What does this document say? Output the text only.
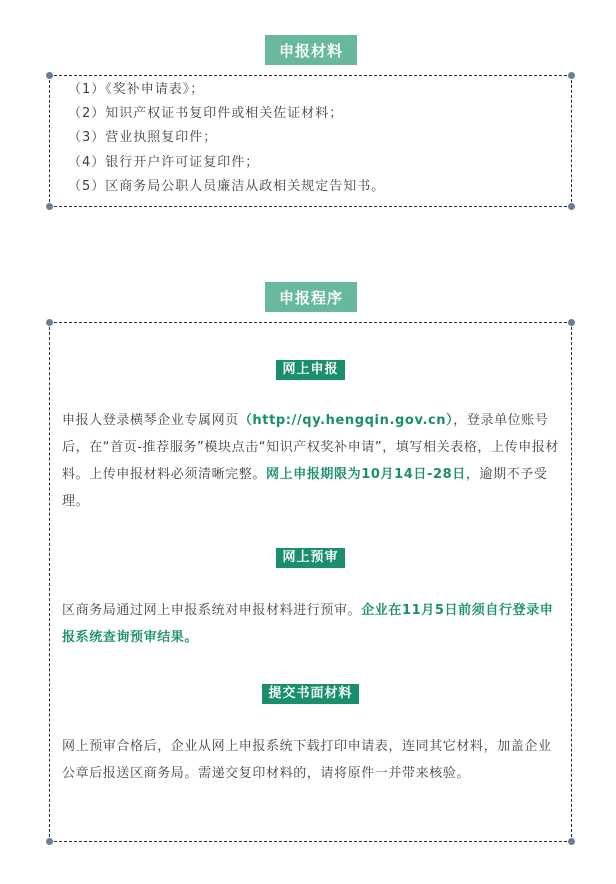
申报材料
（1）《奖补申请表》；
（2）知识产权证书复印件或相关佐证材料；
（3）营业执照复印件；
（4）银行开户许可证复印件；
（5）区商务局公职人员廉洁从政相关规定告知书。
申报程序
网上申报

申报人登录横琴企业专属网页（http://qy.hengqin.gov.cn），登录单位账号后，在“首页-推荐服务”模块点击“知识产权奖补申请”，填写相关表格，上传申报材料。上传申报材料必须清晰完整。网上申报期限为10月14日-28日，逾期不予受理。

网上预审

区商务局通过网上申报系统对申报材料进行预审。企业在11月5日前须自行登录申报系统查询预审结果。

提交书面材料

网上预审合格后，企业从网上申报系统下载打印申请表，连同其它材料，加盖企业公章后报送区商务局。需递交复印材料的，请将原件一并带来核验。
